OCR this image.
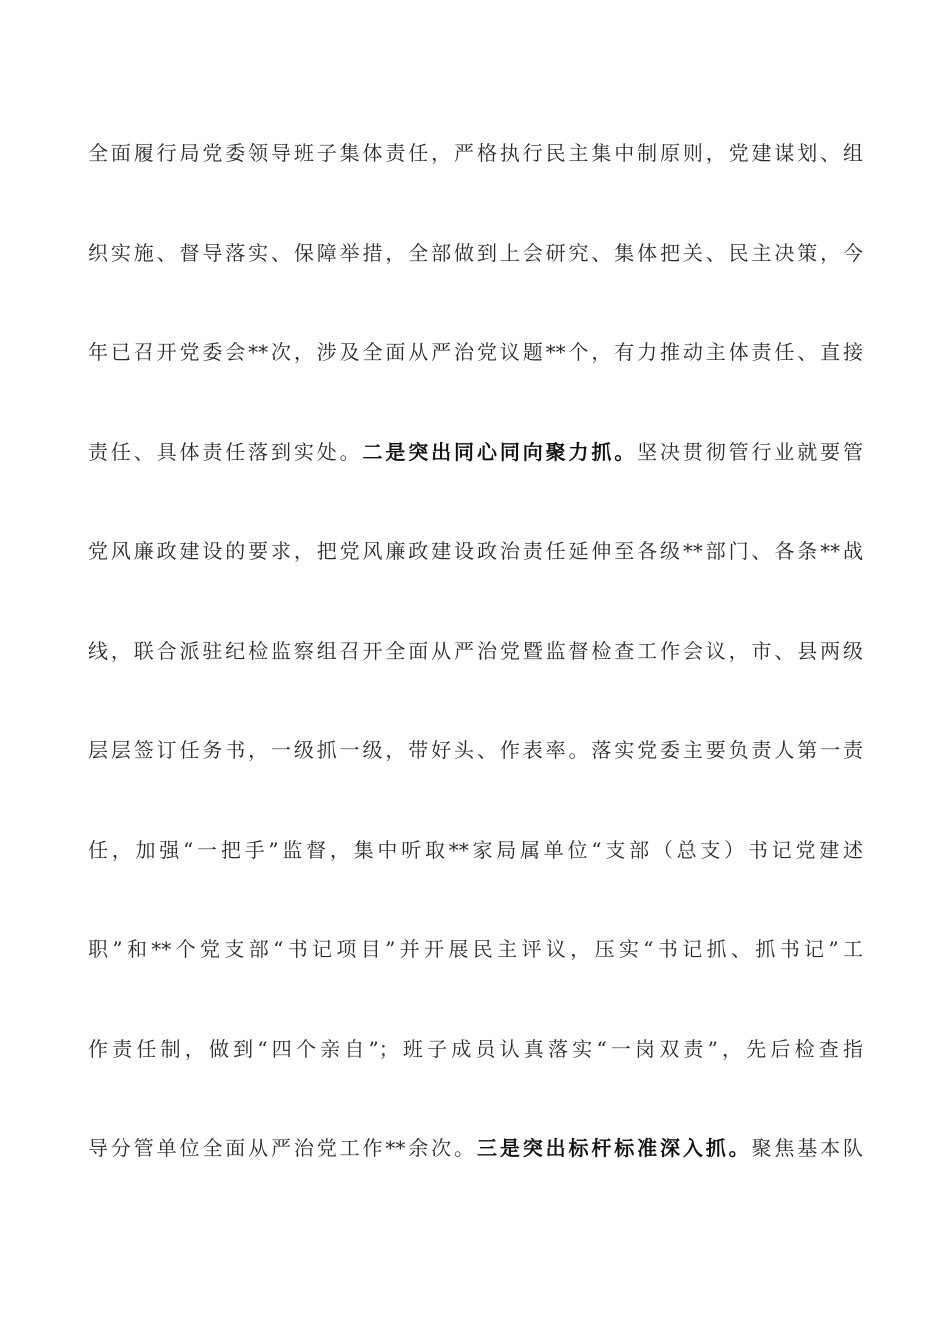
全面履行局党委领导班子集体责任，严格执行民主集中制原则，党建谋划、组
织实施、督导落实、保障举措，全部做到上会研究、集体把关、民主决策，今
年已召开党委会**次，涉及全面从严治党议题**个，有力推动主体责任、直接
责任、具体责任落到实处。二是突出同心同向聚力抓。坚决贯彻管行业就要管
党风廉政建设的要求，把党风廉政建设政治责任延伸至各级**部门、各条**战
线，联合派驻纪检监察组召开全面从严治党暨监督检查工作会议，市、县两级
层层签订任务书，一级抓一级，带好头、作表率。落实党委主要负责人第一责
任，加强“一把手”监督，集中听取**家局属单位“支部（总支）书记党建述
职”和**个党支部“书记项目”并开展民主评议，压实“书记抓、抓书记”工
作责任制，做到“四个亲自”；班子成员认真落实“一岗双责”，先后检查指
导分管单位全面从严治党工作**余次。三是突出标杆标准深入抓。聚焦基本队
